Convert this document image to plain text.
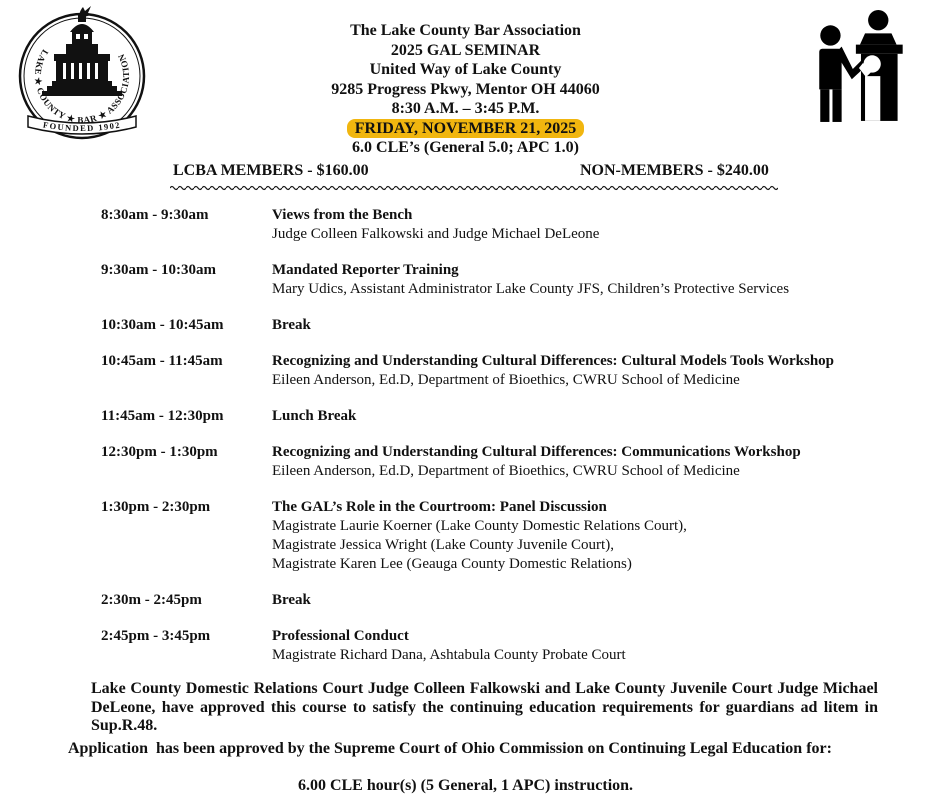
LAKE ★ COUNTY ★ BAR ★ ASSOCIATION
FOUNDED 1902
The Lake County Bar Association
2025 GAL SEMINAR
United Way of Lake County
9285 Progress Pkwy, Mentor OH 44060
8:30 A.M. – 3:45 P.M.
FRIDAY, NOVEMBER 21, 2025
6.0 CLE’s (General 5.0; APC 1.0)
LCBA MEMBERS - $160.00	NON-MEMBERS - $240.00
8:30am - 9:30am	Views from the Bench
Judge Colleen Falkowski and Judge Michael DeLeone
9:30am - 10:30am	Mandated Reporter Training
Mary Udics, Assistant Administrator Lake County JFS, Children’s Protective Services
10:30am - 10:45am	Break
10:45am - 11:45am	Recognizing and Understanding Cultural Differences: Cultural Models Tools Workshop
Eileen Anderson, Ed.D, Department of Bioethics, CWRU School of Medicine
11:45am - 12:30pm	Lunch Break
12:30pm - 1:30pm	Recognizing and Understanding Cultural Differences: Communications Workshop
Eileen Anderson, Ed.D, Department of Bioethics, CWRU School of Medicine
1:30pm - 2:30pm	The GAL’s Role in the Courtroom: Panel Discussion
Magistrate Laurie Koerner (Lake County Domestic Relations Court),
Magistrate Jessica Wright (Lake County Juvenile Court),
Magistrate Karen Lee (Geauga County Domestic Relations)
2:30m - 2:45pm	Break
2:45pm - 3:45pm	Professional Conduct
Magistrate Richard Dana, Ashtabula County Probate Court
Lake County Domestic Relations Court Judge Colleen Falkowski and Lake County Juvenile Court Judge Michael DeLeone, have approved this course to satisfy the continuing education requirements for guardians ad litem in Sup.R.48.
Application  has been approved by the Supreme Court of Ohio Commission on Continuing Legal Education for:
6.00 CLE hour(s) (5 General, 1 APC) instruction.
